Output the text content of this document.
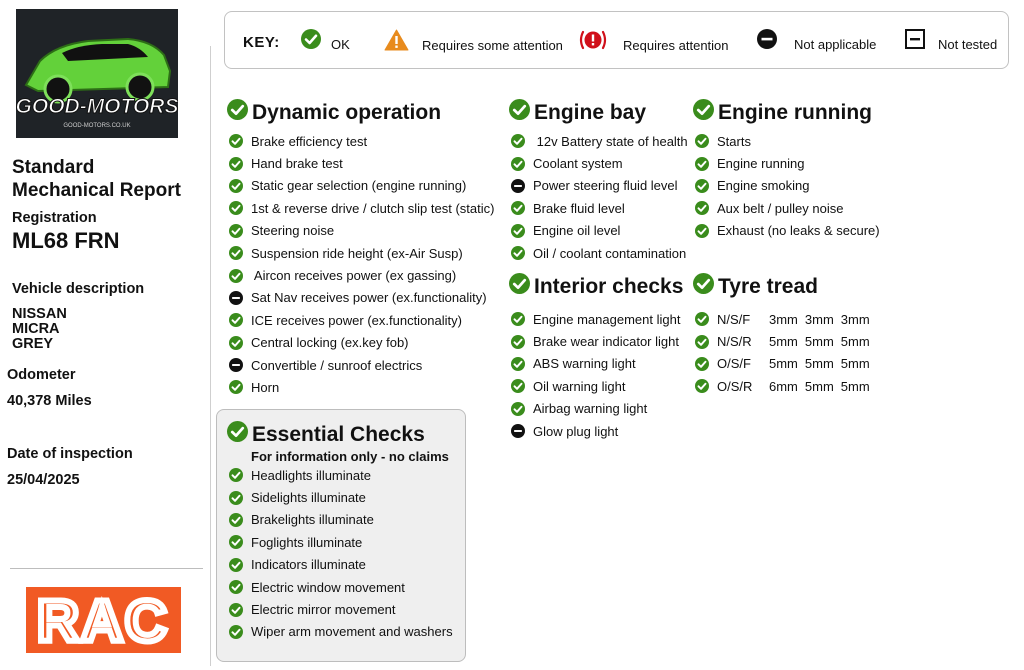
GOOD-MOTORS
GOOD-MOTORS.CO.UK
Standard
Mechanical Report
Registration
ML68 FRN
Vehicle description
NISSAN
MICRA
GREY
Odometer
40,378 Miles
Date of inspection
25/04/2025
RAC
KEY:	OK	Requires some attention	Requires attention	Not applicable	Not tested
Dynamic operation
Brake efficiency test
Hand brake test
Static gear selection (engine running)
1st & reverse drive / clutch slip test (static)
Steering noise
Suspension ride height (ex-Air Susp)
Aircon receives power (ex gassing)
Sat Nav receives power (ex.functionality)
ICE receives power (ex.functionality)
Central locking (ex.key fob)
Convertible / sunroof electrics
Horn
Essential Checks
For information only - no claims
Headlights illuminate
Sidelights illuminate
Brakelights illuminate
Foglights illuminate
Indicators illuminate
Electric window movement
Electric mirror movement
Wiper arm movement and washers
Engine bay
12v Battery state of health
Coolant system
Power steering fluid level
Brake fluid level
Engine oil level
Oil / coolant contamination
Interior checks
Engine management light
Brake wear indicator light
ABS warning light
Oil warning light
Airbag warning light
Glow plug light
Engine running
Starts
Engine running
Engine smoking
Aux belt / pulley noise
Exhaust (no leaks & secure)
Tyre tread
N/S/F	3mm 3mm 3mm
N/S/R	5mm 5mm 5mm
O/S/F	5mm 5mm 5mm
O/S/R	6mm 5mm 5mm
